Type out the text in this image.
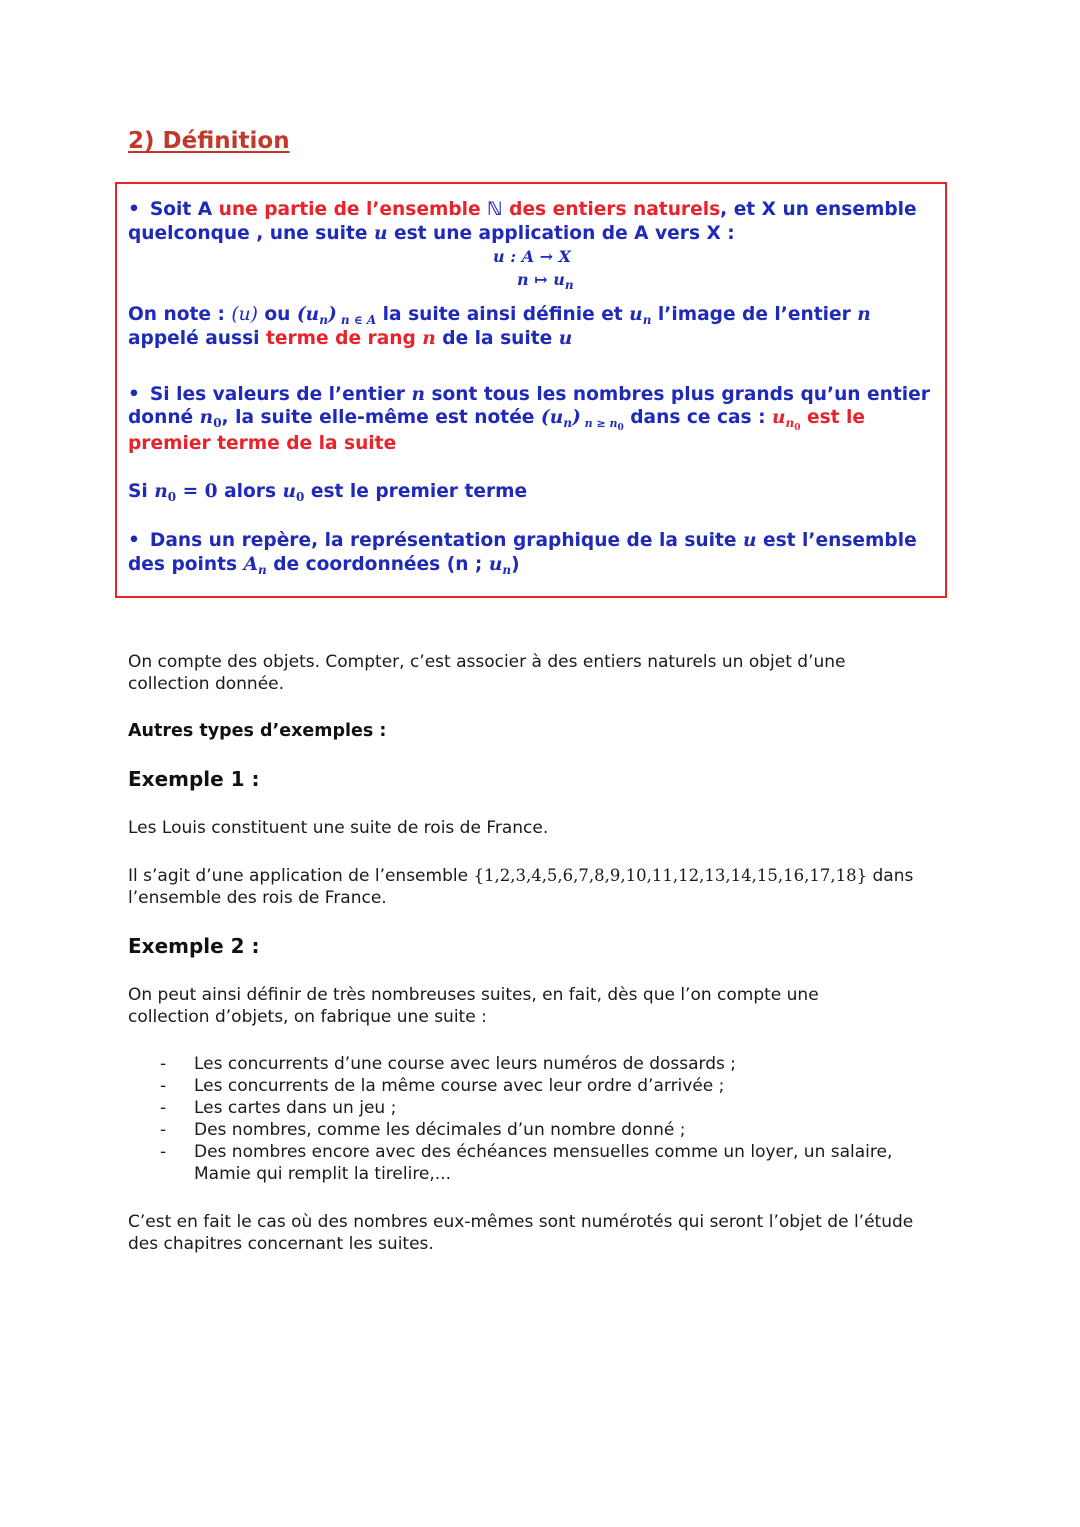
2) Définition
• Soit A une partie de l’ensemble ℕ des entiers naturels, et X un ensemble
quelconque , une suite u est une application de A vers X :
u : A → X
n ↦ $u_n$
On note : (u) ou $(u_n)$ $_{n \in A}$ la suite ainsi définie et $u_n$ l’image de l’entier n
appelé aussi terme de rang n de la suite u
• Si les valeurs de l’entier n sont tous les nombres plus grands qu’un entier
donné $n_0$, la suite elle-même est notée $(u_n)$ $_{n \ge n0}$ dans ce cas : $u_{n0}$ est le
premier terme de la suite
Si $n_0 = 0$ alors $u_0$ est le premier terme
• Dans un repère, la représentation graphique de la suite u est l’ensemble
des points $A_n$ de coordonnées (n ; $u_n$)
On compte des objets. Compter, c’est associer à des entiers naturels un objet d’une collection donnée.
Autres types d’exemples :
Exemple 1 :
Les Louis constituent une suite de rois de France.
Il s’agit d’une application de l’ensemble {1,2,3,4,5,6,7,8,9,10,11,12,13,14,15,16,17,18} dans l’ensemble des rois de France.
Exemple 2 :
On peut ainsi définir de très nombreuses suites, en fait, dès que l’on compte une collection d’objets, on fabrique une suite :
- Les concurrents d’une course avec leurs numéros de dossards ;
- Les concurrents de la même course avec leur ordre d’arrivée ;
- Les cartes dans un jeu ;
- Des nombres, comme les décimales d’un nombre donné ;
- Des nombres encore avec des échéances mensuelles comme un loyer, un salaire, Mamie qui remplit la tirelire,...
C’est en fait le cas où des nombres eux-mêmes sont numérotés qui seront l’objet de l’étude des chapitres concernant les suites.
